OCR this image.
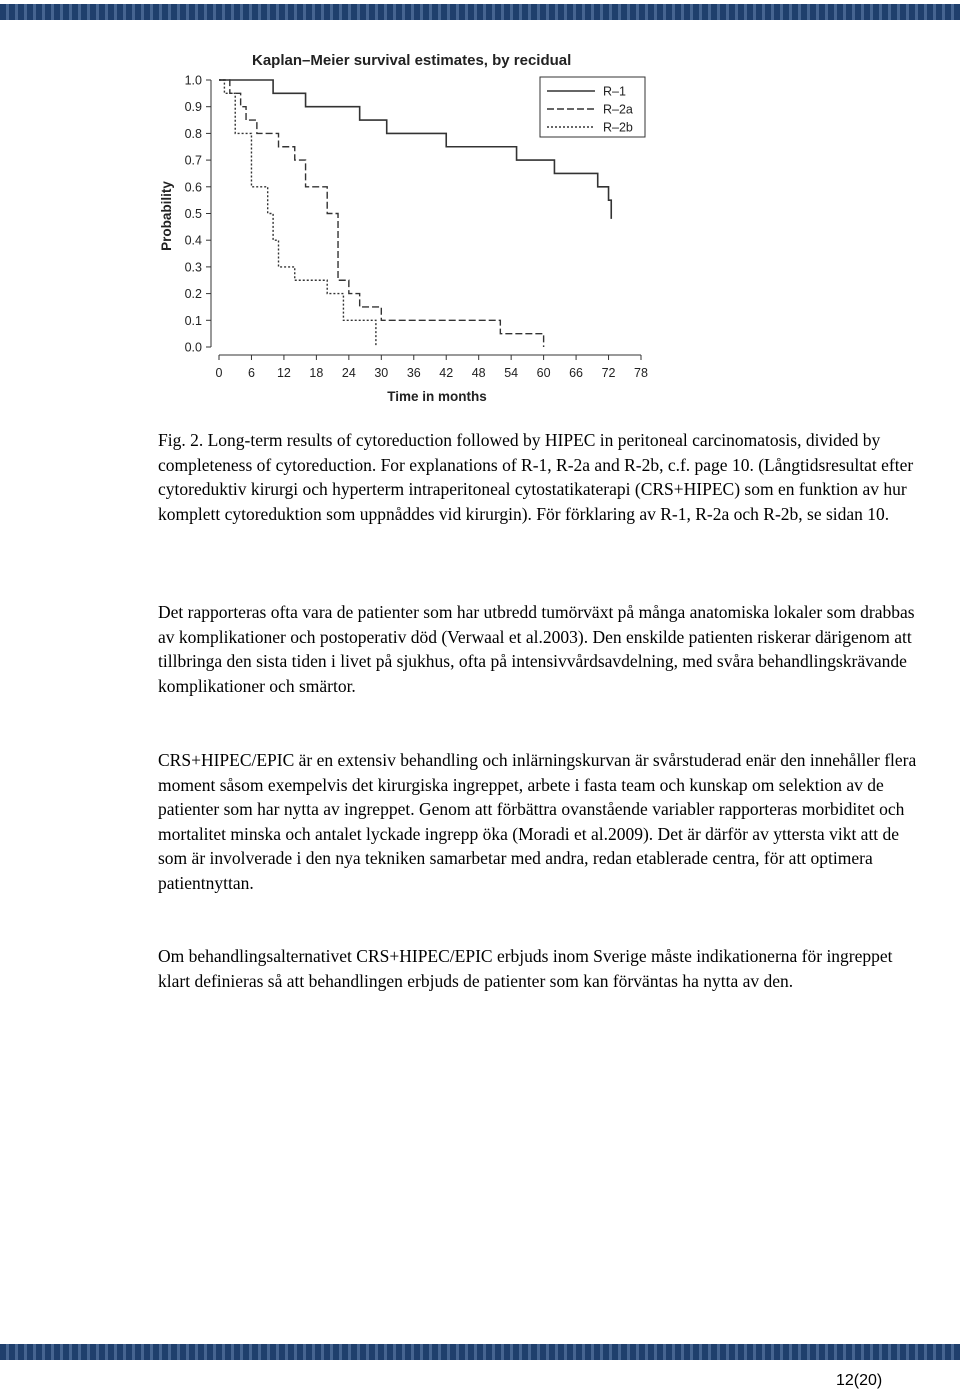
Kaplan–Meier survival estimates, by recidual
0.0
0.1
0.2
0.3
0.4
0.5
0.6
0.7
0.8
0.9
1.0
0 6 12 18 24 30 36 42 48 54 60 66 72 78
R–1
R–2a
R–2b
Time in months
Probability

Fig. 2. Long-term results of cytoreduction followed by HIPEC in peritoneal carcinomatosis, divided by completeness of cytoreduction. For explanations of R-1, R-2a and R-2b, c.f. page 10. (Långtidsresultat efter cytoreduktiv kirurgi och hyperterm intraperitoneal cytostatikaterapi (CRS+HIPEC) som en funktion av hur komplett cytoreduktion som uppnåddes vid kirurgin). För förklaring av R-1, R-2a och R-2b, se sidan 10.

Det rapporteras ofta vara de patienter som har utbredd tumörväxt på många anatomiska lokaler som drabbas av komplikationer och postoperativ död (Verwaal et al.2003). Den enskilde patienten riskerar därigenom att tillbringa den sista tiden i livet på sjukhus, ofta på intensivvårdsavdelning, med svåra behandlingskrävande komplikationer och smärtor.

CRS+HIPEC/EPIC är en extensiv behandling och inlärningskurvan är svårstuderad enär den innehåller flera moment såsom exempelvis det kirurgiska ingreppet, arbete i fasta team och kunskap om selektion av de patienter som har nytta av ingreppet. Genom att förbättra ovanstående variabler rapporteras morbiditet och mortalitet minska och antalet lyckade ingrepp öka (Moradi et al.2009). Det är därför av yttersta vikt att de som är involverade i den nya tekniken samarbetar med andra, redan etablerade centra, för att optimera patientnyttan.

Om behandlingsalternativet CRS+HIPEC/EPIC erbjuds inom Sverige måste indikationerna för ingreppet klart definieras så att behandlingen erbjuds de patienter som kan förväntas ha nytta av den.

12(20)
